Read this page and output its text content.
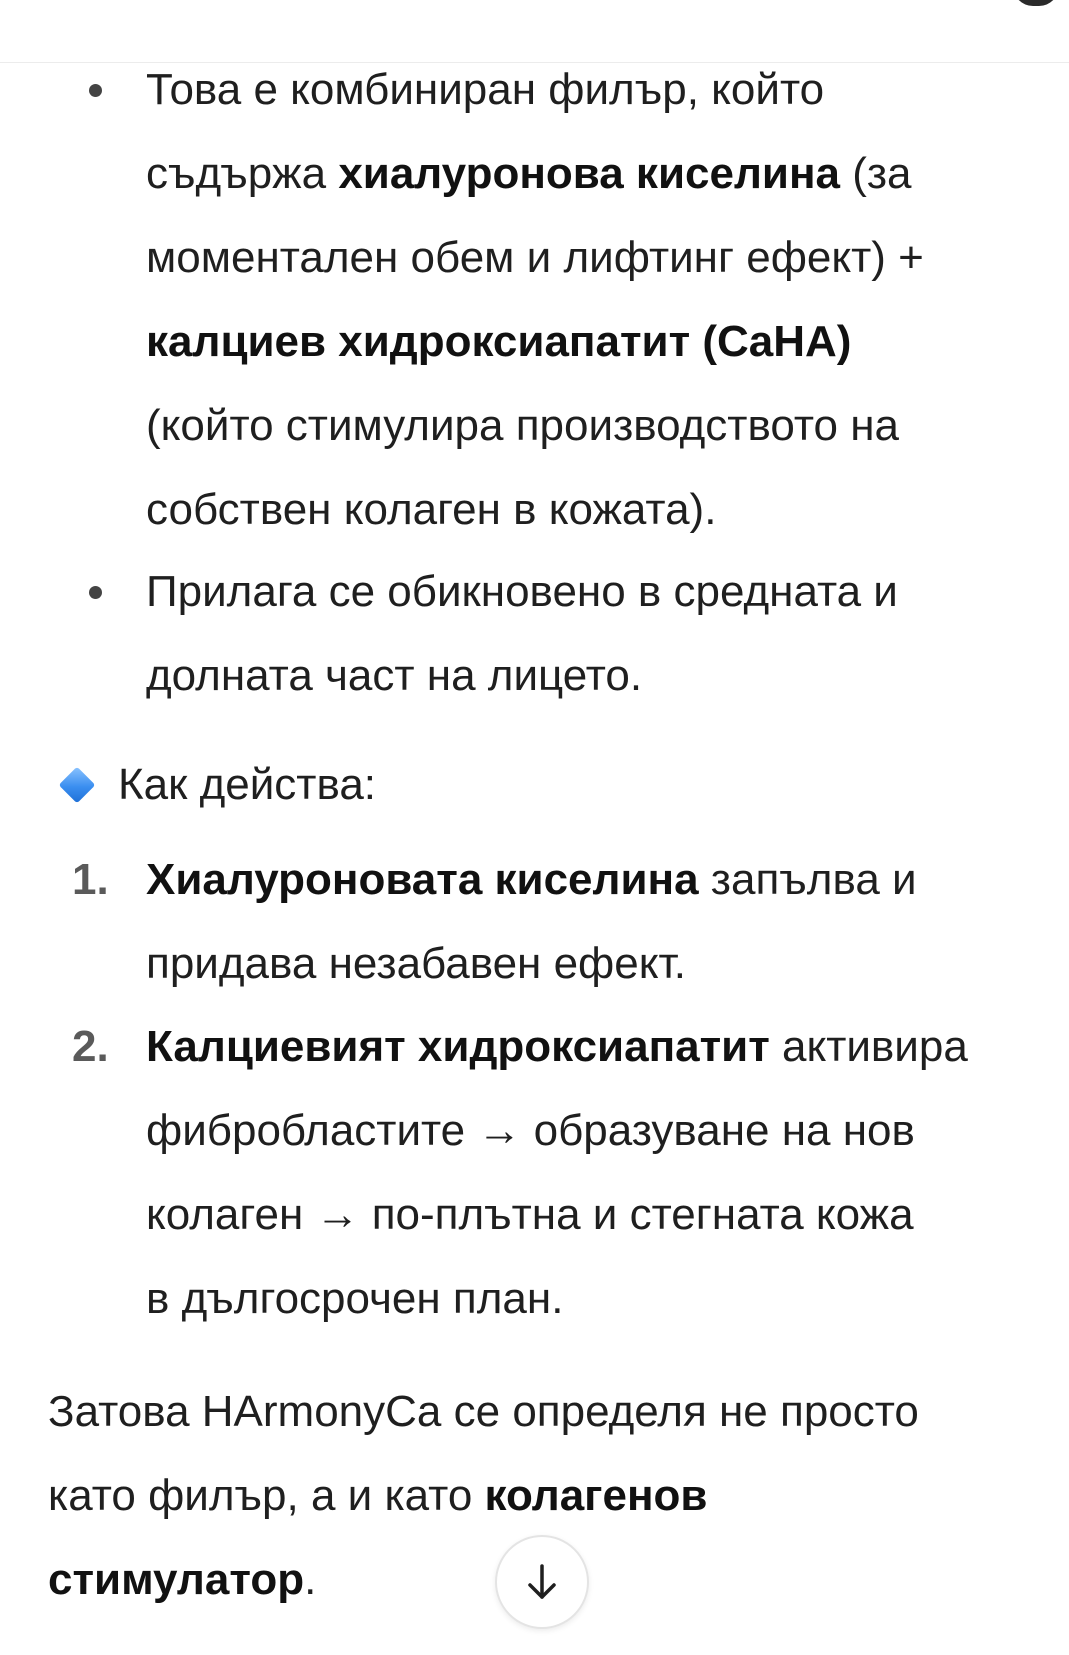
Това е комбиниран филър, който
съдържа хиалуронова киселина (за
моментален обем и лифтинг ефект) +
калциев хидроксиапатит (CaHA)
(който стимулира производството на
собствен колаген в кожата).
Прилага се обикновено в средната и
долната част на лицето.
Как действа:
1. Хиалуроновата киселина запълва и
придава незабавен ефект.
2. Калциевият хидроксиапатит активира
фибробластите → образуване на нов
колаген → по-плътна и стегната кожа
в дългосрочен план.
Затова HArmonyCa се определя не просто
като филър, а и като колагенов
стимулатор.
